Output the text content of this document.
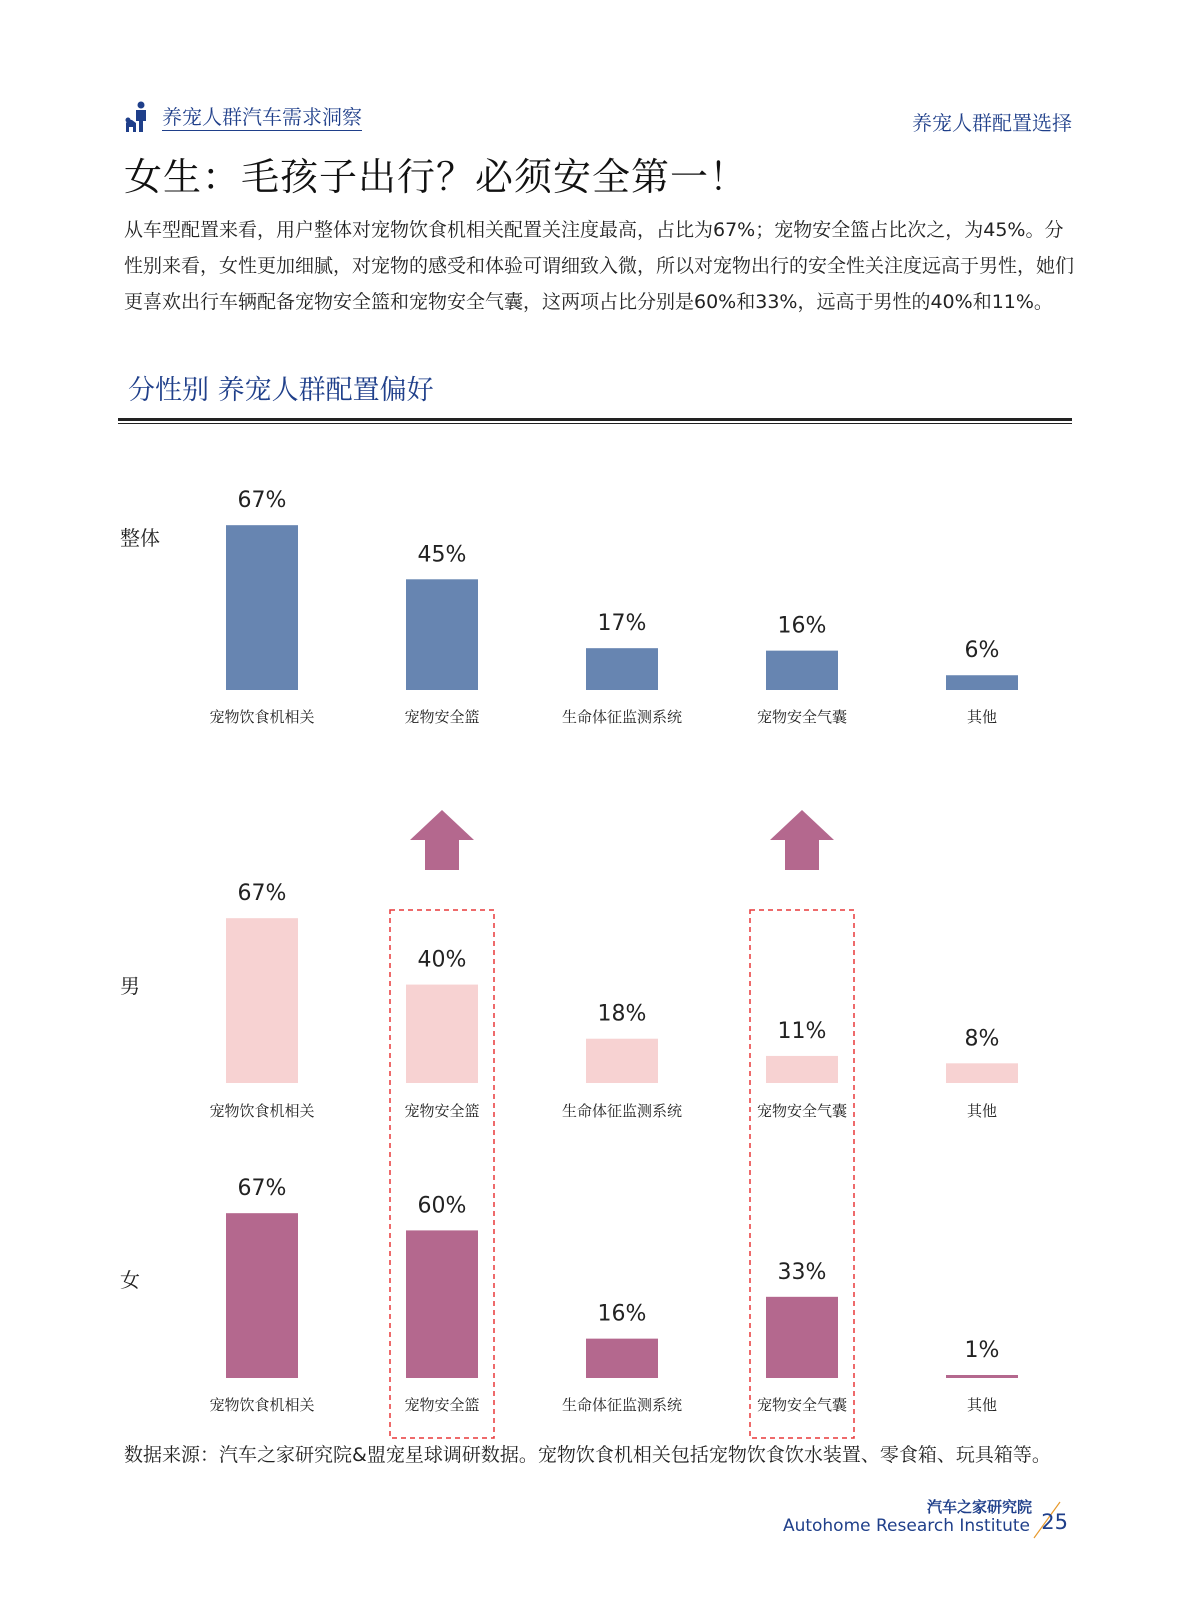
养宠人群汽车需求洞察	养宠人群配置选择
女生：毛孩子出行？必须安全第一！
从车型配置来看，用户整体对宠物饮食机相关配置关注度最高，占比为67%；宠物安全篮占比次之，为45%。分性别来看，女性更加细腻，对宠物的感受和体验可谓细致入微，所以对宠物出行的安全性关注度远高于男性，她们更喜欢出行车辆配备宠物安全篮和宠物安全气囊，这两项占比分别是60%和33%，远高于男性的40%和11%。
分性别 养宠人群配置偏好
整体
67%
宠物饮食机相关
45%
宠物安全篮
17%
生命体征监测系统
16%
宠物安全气囊
6%
其他
男
67%
宠物饮食机相关
40%
宠物安全篮
18%
生命体征监测系统
11%
宠物安全气囊
8%
其他
女
67%
宠物饮食机相关
60%
宠物安全篮
16%
生命体征监测系统
33%
宠物安全气囊
1%
其他
数据来源：汽车之家研究院&盟宠星球调研数据。宠物饮食机相关包括宠物饮食饮水装置、零食箱、玩具箱等。
汽车之家研究院
Autohome Research Institute 25
